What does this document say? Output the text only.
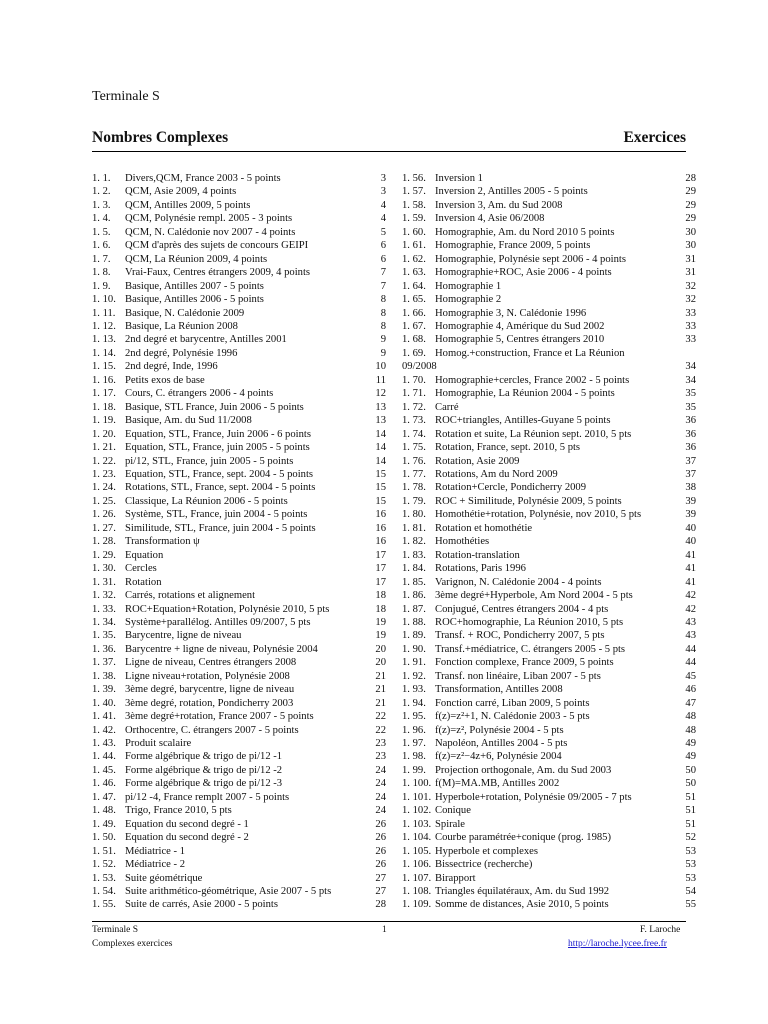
Terminale S
Nombres Complexes	Exercices
1. 1.	Divers,QCM, France 2003 - 5 points	3
1. 2.	QCM, Asie 2009, 4 points	3
1. 3.	QCM, Antilles 2009, 5 points	4
1. 4.	QCM, Polynésie rempl. 2005 - 3 points	4
1. 5.	QCM, N. Calédonie nov 2007 - 4 points	5
1. 6.	QCM d'après des sujets de concours GEIPI	6
1. 7.	QCM, La Réunion 2009, 4 points	6
1. 8.	Vrai-Faux, Centres étrangers 2009, 4 points	7
1. 9.	Basique, Antilles 2007 - 5 points	7
1. 10. Basique, Antilles 2006 - 5 points	8
1. 11. Basique, N. Calédonie 2009	8
1. 12. Basique, La Réunion 2008	8
1. 13. 2nd degré et barycentre, Antilles 2001	9
1. 14. 2nd degré, Polynésie 1996	9
1. 15. 2nd degré, Inde, 1996	10
1. 16. Petits exos de base	11
1. 17. Cours, C. étrangers 2006 - 4 points	12
1. 18. Basique, STL France, Juin 2006 - 5 points	13
1. 19. Basique, Am. du Sud 11/2008	13
1. 20. Equation, STL, France, Juin 2006 - 6 points	14
1. 21. Equation, STL, France, juin 2005 - 5 points	14
1. 22. pi/12, STL, France, juin 2005 - 5 points	14
1. 23. Equation, STL, France, sept. 2004 - 5 points	15
1. 24. Rotations, STL, France, sept. 2004 - 5 points	15
1. 25. Classique, La Réunion 2006 - 5 points	15
1. 26. Système, STL, France, juin 2004 - 5 points	16
1. 27. Similitude, STL, France, juin 2004 - 5 points	16
1. 28. Transformation ψ	16
1. 29. Equation	17
1. 30. Cercles	17
1. 31. Rotation	17
1. 32. Carrés, rotations et alignement	18
1. 33. ROC+Equation+Rotation, Polynésie 2010, 5 pts	18
1. 34. Système+parallélog. Antilles 09/2007, 5 pts	19
1. 35. Barycentre, ligne de niveau	19
1. 36. Barycentre + ligne de niveau, Polynésie 2004	20
1. 37. Ligne de niveau, Centres étrangers 2008	20
1. 38. Ligne niveau+rotation, Polynésie 2008	21
1. 39. 3ème degré, barycentre, ligne de niveau	21
1. 40. 3ème degré, rotation, Pondicherry 2003	21
1. 41. 3ème degré+rotation, France 2007 - 5 points	22
1. 42. Orthocentre, C. étrangers 2007 - 5 points	22
1. 43. Produit scalaire	23
1. 44. Forme algébrique & trigo de pi/12 -1	23
1. 45. Forme algébrique & trigo de pi/12 -2	24
1. 46. Forme algébrique & trigo de pi/12 -3	24
1. 47. pi/12 -4, France remplt 2007 - 5 points	24
1. 48. Trigo, France 2010, 5 pts	24
1. 49. Equation du second degré - 1	26
1. 50. Equation du second degré - 2	26
1. 51. Médiatrice - 1	26
1. 52. Médiatrice - 2	26
1. 53. Suite géométrique	27
1. 54. Suite arithmético-géométrique, Asie 2007 - 5 pts	27
1. 55. Suite de carrés, Asie 2000 - 5 points	28
1. 56. Inversion 1	28
1. 57. Inversion 2, Antilles 2005 - 5 points	29
1. 58. Inversion 3, Am. du Sud 2008	29
1. 59. Inversion 4, Asie 06/2008	29
1. 60. Homographie, Am. du Nord 2010 5 points	30
1. 61. Homographie, France 2009, 5 points	30
1. 62. Homographie, Polynésie sept 2006 - 4 points	31
1. 63. Homographie+ROC, Asie 2006 - 4 points	31
1. 64. Homographie 1	32
1. 65. Homographie 2	32
1. 66. Homographie 3, N. Calédonie 1996	33
1. 67. Homographie 4, Amérique du Sud 2002	33
1. 68. Homographie 5, Centres étrangers 2010	33
1. 69. Homog.+construction, France et La Réunion
09/2008	34
1. 70. Homographie+cercles, France 2002 - 5 points	34
1. 71. Homographie, La Réunion 2004 - 5 points	35
1. 72. Carré	35
1. 73. ROC+triangles, Antilles-Guyane 5 points	36
1. 74. Rotation et suite, La Réunion sept. 2010, 5 pts	36
1. 75. Rotation, France, sept. 2010, 5 pts	36
1. 76. Rotation, Asie 2009	37
1. 77. Rotations, Am du Nord 2009	37
1. 78. Rotation+Cercle, Pondicherry 2009	38
1. 79. ROC + Similitude, Polynésie 2009, 5 points	39
1. 80. Homothétie+rotation, Polynésie, nov 2010, 5 pts	39
1. 81. Rotation et homothétie	40
1. 82. Homothéties	40
1. 83. Rotation-translation	41
1. 84. Rotations, Paris 1996	41
1. 85. Varignon, N. Calédonie 2004 - 4 points	41
1. 86. 3ème degré+Hyperbole, Am Nord 2004 - 5 pts	42
1. 87. Conjugué, Centres étrangers 2004 - 4 pts	42
1. 88. ROC+homographie, La Réunion 2010, 5 pts	43
1. 89. Transf. + ROC, Pondicherry 2007, 5 pts	43
1. 90. Transf.+médiatrice, C. étrangers 2005 - 5 pts	44
1. 91. Fonction complexe, France 2009, 5 points	44
1. 92. Transf. non linéaire, Liban 2007 - 5 pts	45
1. 93. Transformation, Antilles 2008	46
1. 94. Fonction carré, Liban 2009, 5 points	47
1. 95. f(z)=z²+1, N. Calédonie 2003 - 5 pts	48
1. 96. f(z)=z², Polynésie 2004 - 5 pts	48
1. 97. Napoléon, Antilles 2004 - 5 pts	49
1. 98. f(z)=z²−4z+6, Polynésie 2004	49
1. 99. Projection orthogonale, Am. du Sud 2003	50
1. 100. f(M)=MA.MB, Antilles 2002	50
1. 101. Hyperbole+rotation, Polynésie 09/2005 - 7 pts	51
1. 102. Conique	51
1. 103. Spirale	51
1. 104. Courbe paramétrée+conique (prog. 1985)	52
1. 105. Hyperbole et complexes	53
1. 106. Bissectrice (recherche)	53
1. 107. Birapport	53
1. 108. Triangles équilatéraux, Am. du Sud 1992	54
1. 109. Somme de distances, Asie 2010, 5 points	55
Terminale S
Complexes exercices
1	F. Laroche
http://laroche.lycee.free.fr
